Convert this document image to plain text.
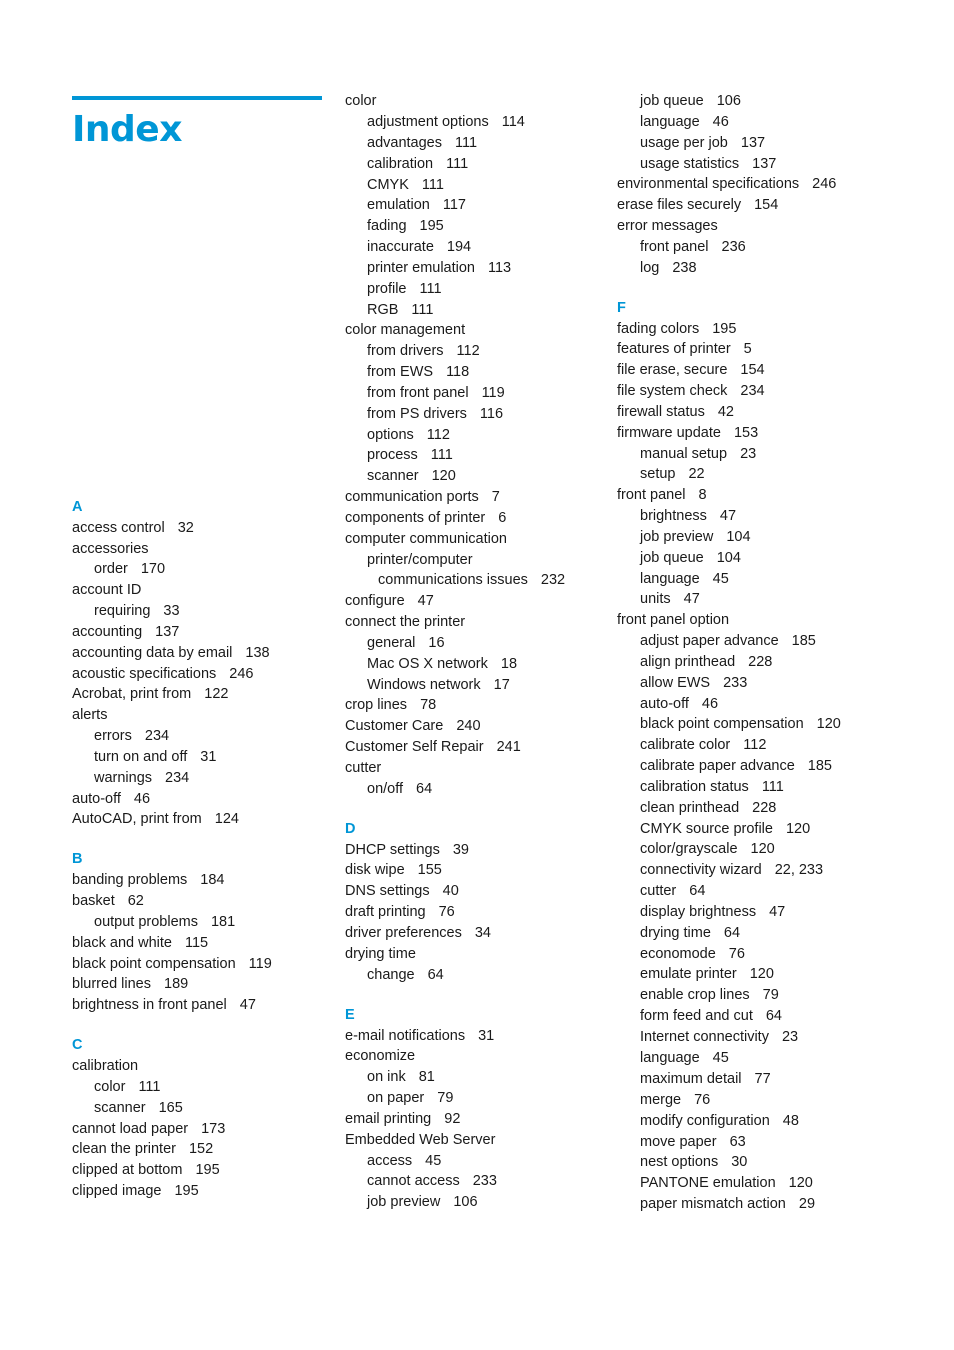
Index
A
access control 32
accessories
order 170
account ID
requiring 33
accounting 137
accounting data by email 138
acoustic specifications 246
Acrobat, print from 122
alerts
errors 234
turn on and off 31
warnings 234
auto-off 46
AutoCAD, print from 124
B
banding problems 184
basket 62
output problems 181
black and white 115
black point compensation 119
blurred lines 189
brightness in front panel 47
C
calibration
color 111
scanner 165
cannot load paper 173
clean the printer 152
clipped at bottom 195
clipped image 195
color
adjustment options 114
advantages 111
calibration 111
CMYK 111
emulation 117
fading 195
inaccurate 194
printer emulation 113
profile 111
RGB 111
color management
from drivers 112
from EWS 118
from front panel 119
from PS drivers 116
options 112
process 111
scanner 120
communication ports 7
components of printer 6
computer communication
printer/computer
communications issues 232
configure 47
connect the printer
general 16
Mac OS X network 18
Windows network 17
crop lines 78
Customer Care 240
Customer Self Repair 241
cutter
on/off 64
D
DHCP settings 39
disk wipe 155
DNS settings 40
draft printing 76
driver preferences 34
drying time
change 64
E
e-mail notifications 31
economize
on ink 81
on paper 79
email printing 92
Embedded Web Server
access 45
cannot access 233
job preview 106
job queue 106
language 46
usage per job 137
usage statistics 137
environmental specifications 246
erase files securely 154
error messages
front panel 236
log 238
F
fading colors 195
features of printer 5
file erase, secure 154
file system check 234
firewall status 42
firmware update 153
manual setup 23
setup 22
front panel 8
brightness 47
job preview 104
job queue 104
language 45
units 47
front panel option
adjust paper advance 185
align printhead 228
allow EWS 233
auto-off 46
black point compensation 120
calibrate color 112
calibrate paper advance 185
calibration status 111
clean printhead 228
CMYK source profile 120
color/grayscale 120
connectivity wizard 22, 233
cutter 64
display brightness 47
drying time 64
economode 76
emulate printer 120
enable crop lines 79
form feed and cut 64
Internet connectivity 23
language 45
maximum detail 77
merge 76
modify configuration 48
move paper 63
nest options 30
PANTONE emulation 120
paper mismatch action 29
